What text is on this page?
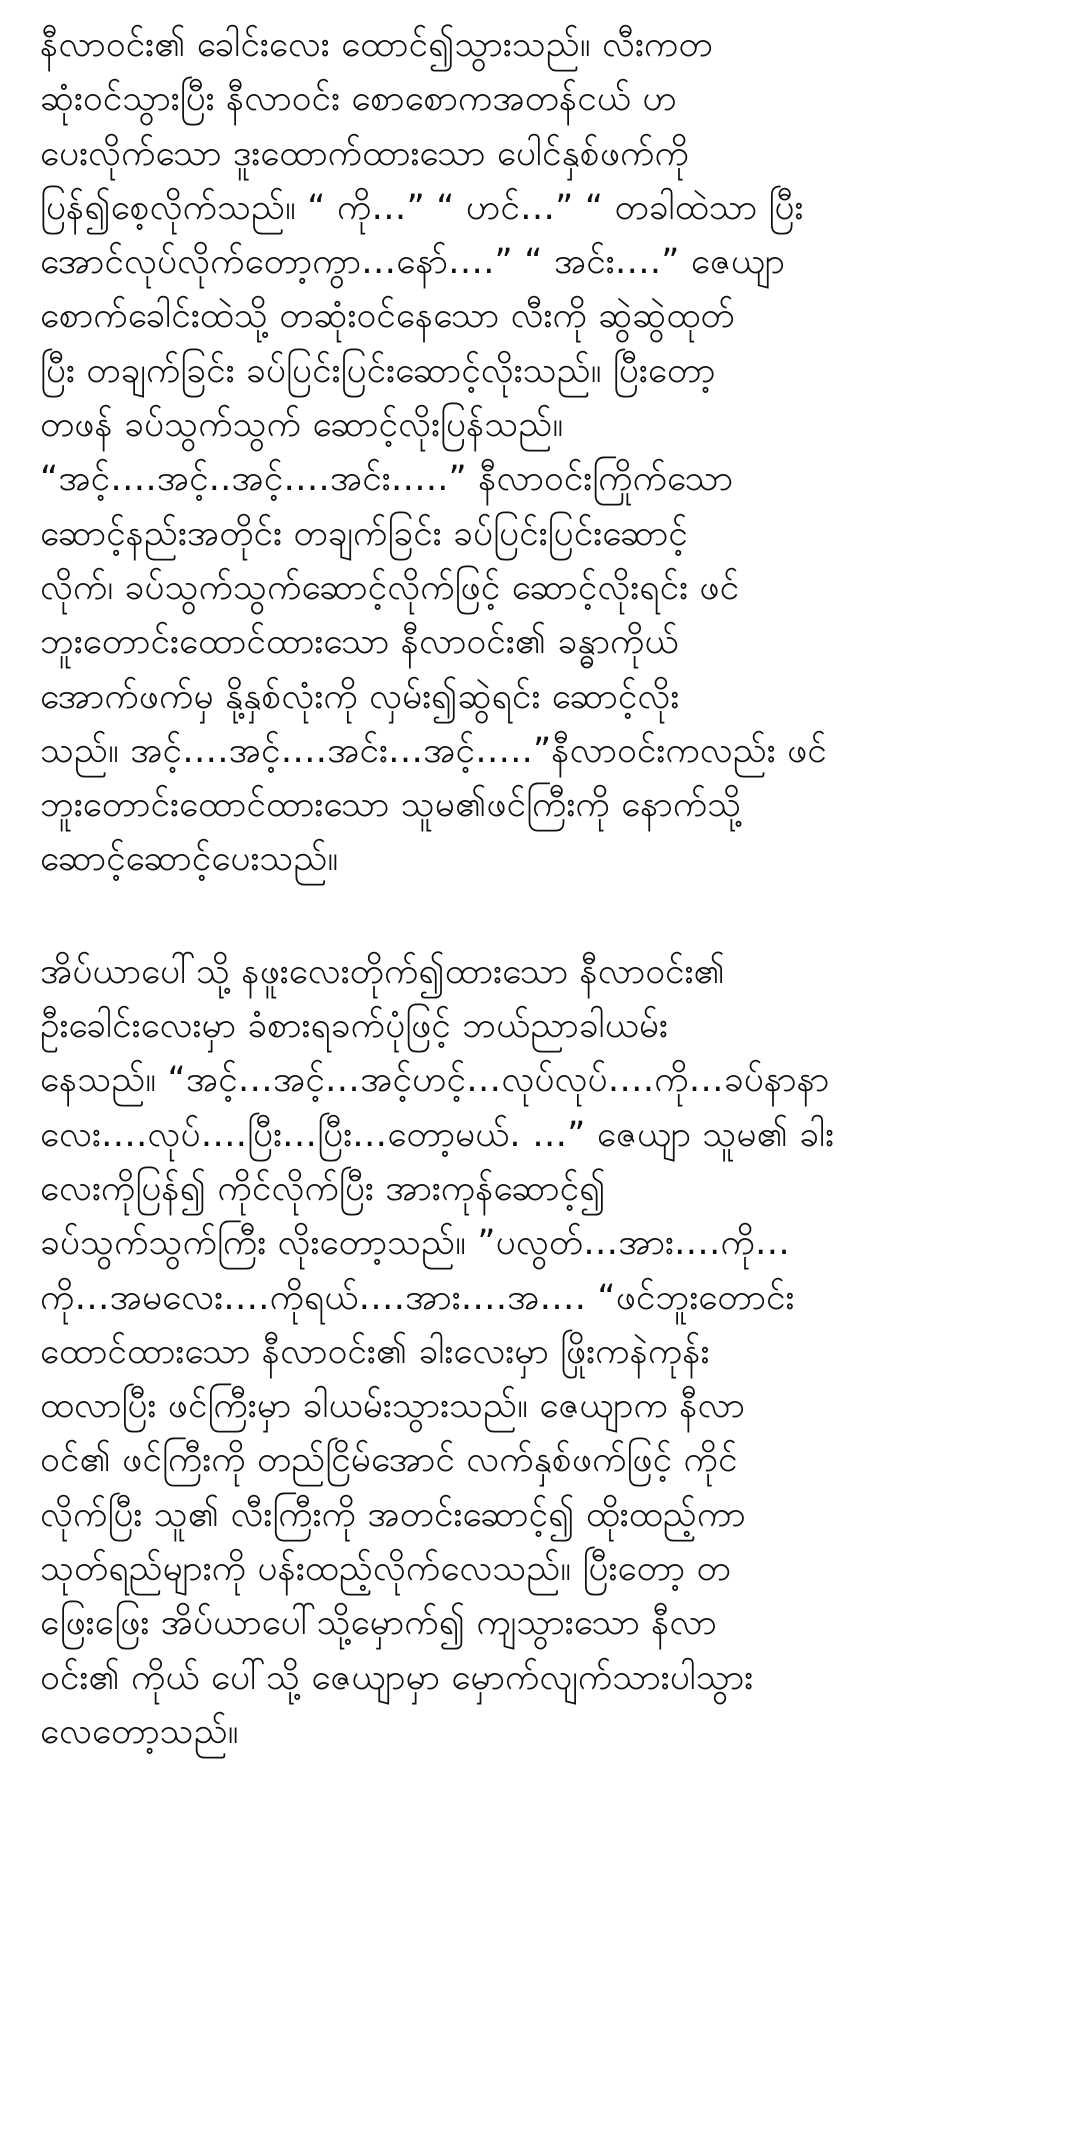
နီလာဝင်း၏ ခေါင်းလေး ထောင်၍သွားသည်။ လီးကတ
ဆုံးဝင်သွားပြီး နီလာဝင်း စောစောကအတန်ငယ် ဟ
ပေးလိုက်သော ဒူးထောက်ထားသော ပေါင်နှစ်ဖက်ကို
ပြန်၍စေ့လိုက်သည်။ “ ကို…” “ ဟင်…” “ တခါထဲသာ ပြီး
အောင်လုပ်လိုက်တော့ကွာ…နော်….” “ အင်း….” ဇေယျာ
စောက်ခေါင်းထဲသို့ တဆုံးဝင်နေသော လီးကို ဆွဲဆွဲထုတ်
ပြီး တချက်ခြင်း ခပ်ပြင်းပြင်းဆောင့်လိုးသည်။ ပြီးတော့
တဖန် ခပ်သွက်သွက် ဆောင့်လိုးပြန်သည်။
“အင့်….အင့်..အင့်….အင်း…..” နီလာဝင်းကြိုက်သော
ဆောင့်နည်းအတိုင်း တချက်ခြင်း ခပ်ပြင်းပြင်းဆောင့်
လိုက်၊ ခပ်သွက်သွက်ဆောင့်လိုက်ဖြင့် ဆောင့်လိုးရင်း ဖင်
ဘူးတောင်းထောင်ထားသော နီလာဝင်း၏ ခန္ဓာကိုယ်
အောက်ဖက်မှ နို့နှစ်လုံးကို လှမ်း၍ဆွဲရင်း ဆောင့်လိုး
သည်။ အင့်….အင့်….အင်း…အင့်…..”နီလာဝင်းကလည်း ဖင်
ဘူးတောင်းထောင်ထားသော သူမ၏ဖင်ကြီးကို နောက်သို့
ဆောင့်ဆောင့်ပေးသည်။

အိပ်ယာပေါ်သို့ နဖူးလေးတိုက်၍ထားသော နီလာဝင်း၏
ဦးခေါင်းလေးမှာ ခံစားရခက်ပုံဖြင့် ဘယ်ညာခါယမ်း
နေသည်။ “အင့်…အင့်…အင့်ဟင့်…လုပ်လုပ်….ကို…ခပ်နာနာ
လေး….လုပ်….ပြီး…ပြီး…တော့မယ်. …” ဇေယျာ သူမ၏ ခါး
လေးကိုပြန်၍ ကိုင်လိုက်ပြီး အားကုန်ဆောင့်၍
ခပ်သွက်သွက်ကြီး လိုးတော့သည်။ ”ပလွတ်…အား….ကို…
ကို…အမလေး….ကိုရယ်….အား….အ…. “ဖင်ဘူးတောင်း
ထောင်ထားသော နီလာဝင်း၏ ခါးလေးမှာ ဖြိုးကနဲကုန်း
ထလာပြီး ဖင်ကြီးမှာ ခါယမ်းသွားသည်။ ဇေယျာက နီလာ
ဝင်၏ ဖင်ကြီးကို တည်ငြိမ်အောင် လက်နှစ်ဖက်ဖြင့် ကိုင်
လိုက်ပြီး သူ၏ လီးကြီးကို အတင်းဆောင့်၍ ထိုးထည့်ကာ
သုတ်ရည်များကို ပန်းထည့်လိုက်လေသည်။ ပြီးတော့ တ
ဖြေးဖြေး အိပ်ယာပေါ်သို့မှောက်၍ ကျသွားသော နီလာ
ဝင်း၏ ကိုယ် ပေါ်သို့ ဇေယျာမှာ မှောက်လျက်သားပါသွား
လေတော့သည်။
